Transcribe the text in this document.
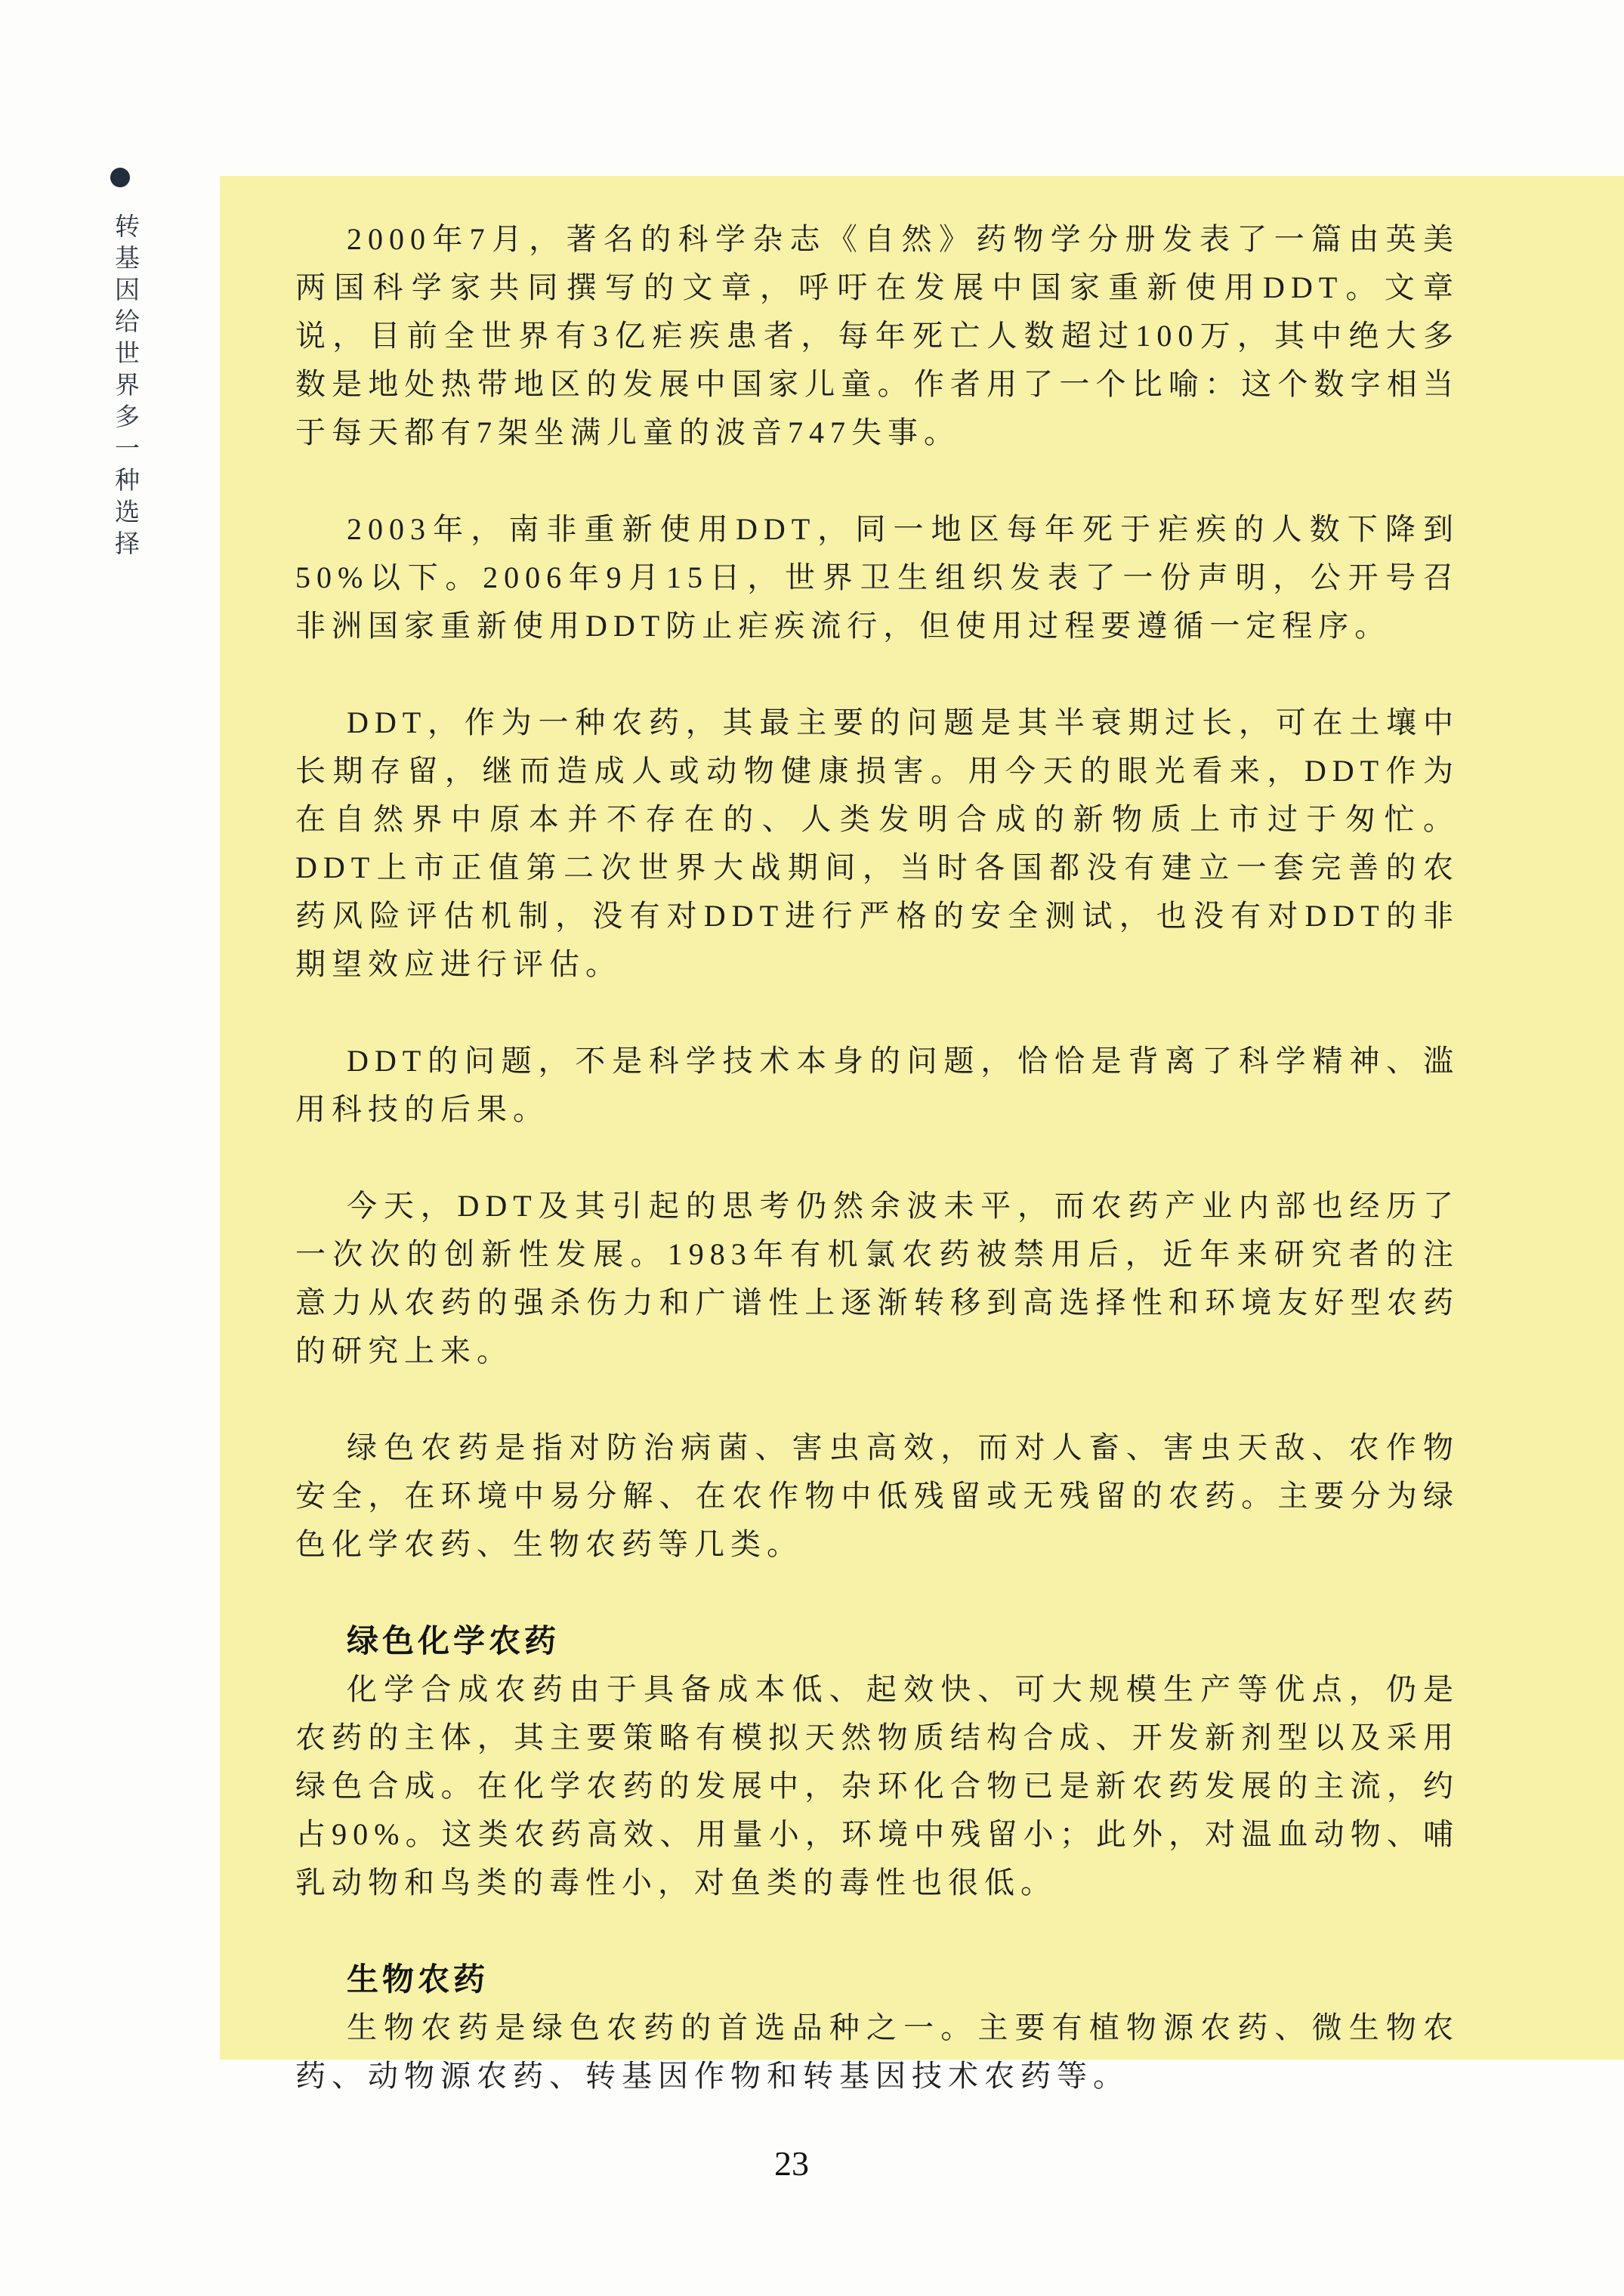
转基因给世界多一种选择	2000年7月，著名的科学杂志《自然》药物学分册发表了一篇由英美两国科学家共同撰写的文章，呼吁在发展中国家重新使用DDT。文章说，目前全世界有3亿疟疾患者，每年死亡人数超过100万，其中绝大多数是地处热带地区的发展中国家儿童。作者用了一个比喻：这个数字相当于每天都有7架坐满儿童的波音747失事。
2003年，南非重新使用DDT，同一地区每年死于疟疾的人数下降到50%以下。2006年9月15日，世界卫生组织发表了一份声明，公开号召非洲国家重新使用DDT防止疟疾流行，但使用过程要遵循一定程序。
DDT，作为一种农药，其最主要的问题是其半衰期过长，可在土壤中长期存留，继而造成人或动物健康损害。用今天的眼光看来，DDT作为在自然界中原本并不存在的、人类发明合成的新物质上市过于匆忙。DDT上市正值第二次世界大战期间，当时各国都没有建立一套完善的农药风险评估机制，没有对DDT进行严格的安全测试，也没有对DDT的非期望效应进行评估。
DDT的问题，不是科学技术本身的问题，恰恰是背离了科学精神、滥用科技的后果。
今天，DDT及其引起的思考仍然余波未平，而农药产业内部也经历了一次次的创新性发展。1983年有机氯农药被禁用后，近年来研究者的注意力从农药的强杀伤力和广谱性上逐渐转移到高选择性和环境友好型农药的研究上来。
绿色农药是指对防治病菌、害虫高效，而对人畜、害虫天敌、农作物安全，在环境中易分解、在农作物中低残留或无残留的农药。主要分为绿色化学农药、生物农药等几类。
绿色化学农药
化学合成农药由于具备成本低、起效快、可大规模生产等优点，仍是农药的主体，其主要策略有模拟天然物质结构合成、开发新剂型以及采用绿色合成。在化学农药的发展中，杂环化合物已是新农药发展的主流，约占90%。这类农药高效、用量小，环境中残留小；此外，对温血动物、哺乳动物和鸟类的毒性小，对鱼类的毒性也很低。
生物农药
生物农药是绿色农药的首选品种之一。主要有植物源农药、微生物农药、动物源农药、转基因作物和转基因技术农药等。
23
